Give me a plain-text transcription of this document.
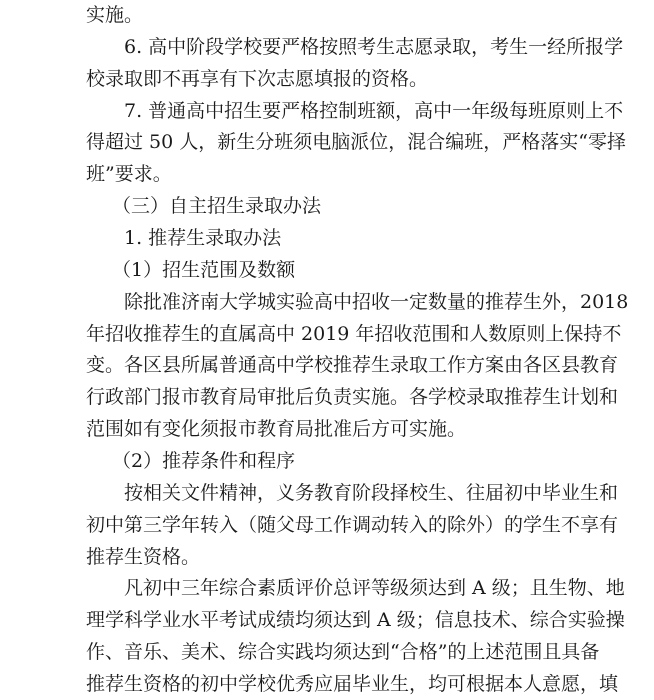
实施。
6. 高中阶段学校要严格按照考生志愿录取，考生一经所报学
校录取即不再享有下次志愿填报的资格。
7. 普通高中招生要严格控制班额，高中一年级每班原则上不
得超过 50 人，新生分班须电脑派位，混合编班，严格落实“零择
班”要求。
（三）自主招生录取办法
1. 推荐生录取办法
（1）招生范围及数额
除批准济南大学城实验高中招收一定数量的推荐生外，2018
年招收推荐生的直属高中 2019 年招收范围和人数原则上保持不
变。各区县所属普通高中学校推荐生录取工作方案由各区县教育
行政部门报市教育局审批后负责实施。各学校录取推荐生计划和
范围如有变化须报市教育局批准后方可实施。
（2）推荐条件和程序
按相关文件精神，义务教育阶段择校生、往届初中毕业生和
初中第三学年转入（随父母工作调动转入的除外）的学生不享有
推荐生资格。
凡初中三年综合素质评价总评等级须达到 A 级；且生物、地
理学科学业水平考试成绩均须达到 A 级；信息技术、综合实验操
作、音乐、美术、综合实践均须达到“合格”的上述范围且具备
推荐生资格的初中学校优秀应届毕业生，均可根据本人意愿，填
